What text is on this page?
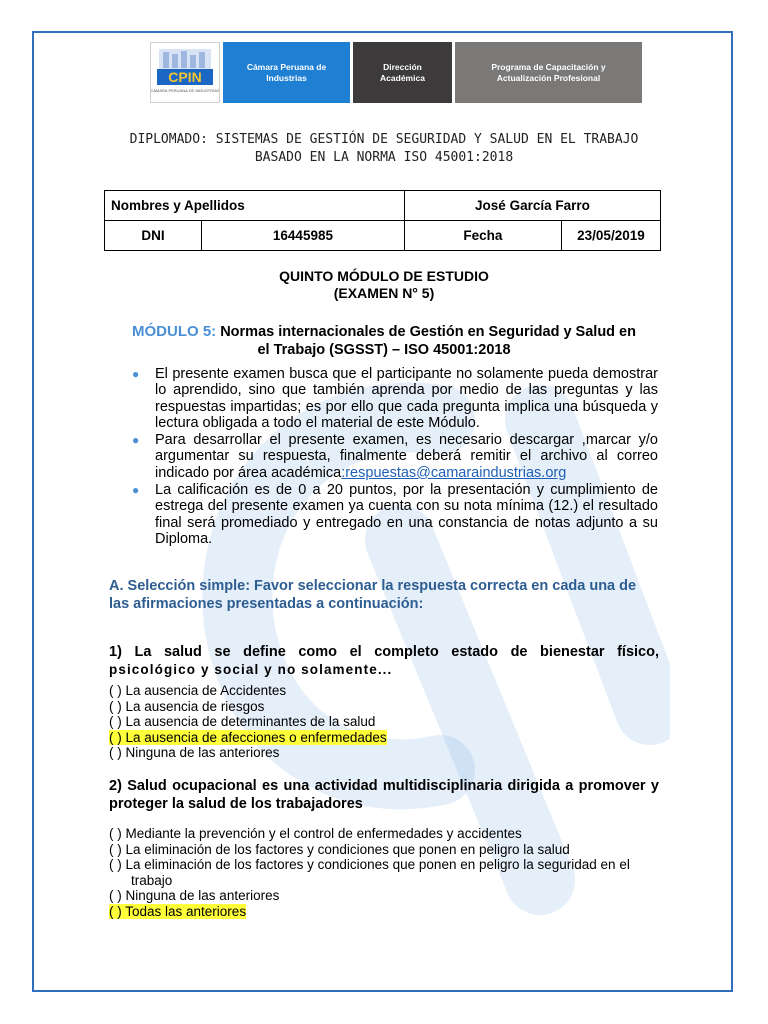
CPIN
CÁMARA PERUANA DE INDUSTRIAS
Cámara Peruana de Industrias
Dirección Académica
Programa de Capacitación y Actualización Profesional
DIPLOMADO: SISTEMAS DE GESTIÓN DE SEGURIDAD Y SALUD EN EL TRABAJO
BASADO EN LA NORMA ISO 45001:2018
Nombres y Apellidos		José García Farro	
DNI	16445985	Fecha	23/05/2019
QUINTO MÓDULO DE ESTUDIO
(EXAMEN N° 5)
MÓDULO 5: Normas internacionales de Gestión en Seguridad y Salud en
el Trabajo (SGSST) – ISO 45001:2018
● El presente examen busca que el participante no solamente pueda demostrar lo aprendido, sino que también aprenda por medio de las preguntas y las respuestas impartidas; es por ello que cada pregunta implica una búsqueda y lectura obligada a todo el material de este Módulo.
● Para desarrollar el presente examen, es necesario descargar ,marcar y/o argumentar su respuesta, finalmente deberá remitir el archivo al correo indicado por área académica:respuestas@camaraindustrias.org
● La calificación es de 0 a 20 puntos, por la presentación y cumplimiento de estrega del presente examen ya cuenta con su nota mínima (12.) el resultado final será promediado y entregado en una constancia de notas adjunto a su Diploma.
A. Selección simple: Favor seleccionar la respuesta correcta en cada una de las afirmaciones presentadas a continuación:
1) La salud se define como el completo estado de bienestar físico,
psicológico y social y no solamente...
( ) La ausencia de Accidentes
( ) La ausencia de riesgos
( ) La ausencia de determinantes de la salud
( ) La ausencia de afecciones o enfermedades
( ) Ninguna de las anteriores
2) Salud ocupacional es una actividad multidisciplinaria dirigida a promover y proteger la salud de los trabajadores
( ) Mediante la prevención y el control de enfermedades y accidentes
( ) La eliminación de los factores y condiciones que ponen en peligro la salud
( ) La eliminación de los factores y condiciones que ponen en peligro la seguridad en el trabajo
( ) Ninguna de las anteriores
( ) Todas las anteriores
